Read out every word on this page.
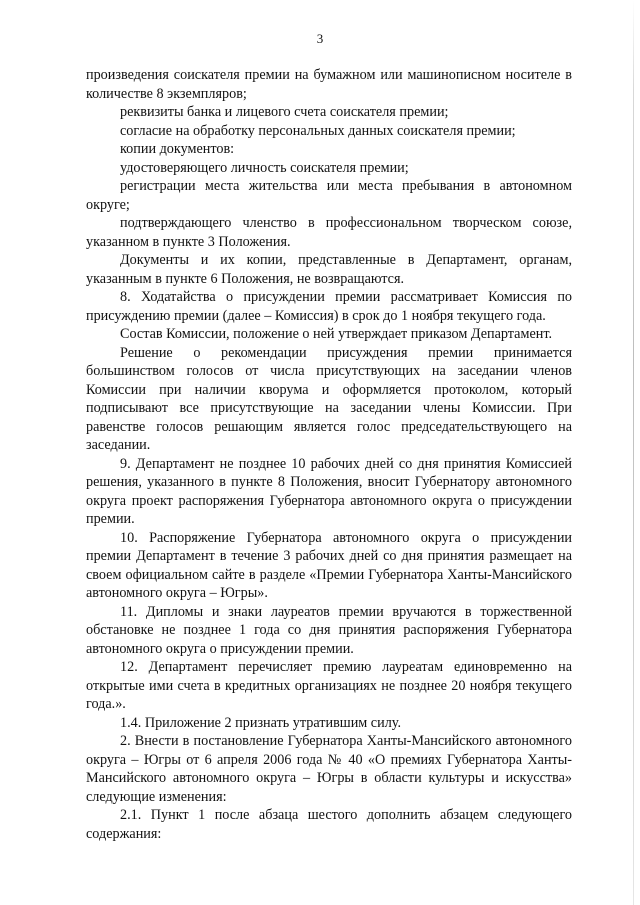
3

произведения соискателя премии на бумажном или машинописном носителе в количестве 8 экземпляров;

реквизиты банка и лицевого счета соискателя премии;

согласие на обработку персональных данных соискателя премии;

копии документов:

удостоверяющего личность соискателя премии;

регистрации места жительства или места пребывания в автономном округе;

подтверждающего членство в профессиональном творческом союзе, указанном в пункте 3 Положения.

Документы и их копии, представленные в Департамент, органам, указанным в пункте 6 Положения, не возвращаются.

8. Ходатайства о присуждении премии рассматривает Комиссия по присуждению премии (далее – Комиссия) в срок до 1 ноября текущего года.

Состав Комиссии, положение о ней утверждает приказом Департамент.

Решение о рекомендации присуждения премии принимается большинством голосов от числа присутствующих на заседании членов Комиссии при наличии кворума и оформляется протоколом, который подписывают все присутствующие на заседании члены Комиссии. При равенстве голосов решающим является голос председательствующего на заседании.

9. Департамент не позднее 10 рабочих дней со дня принятия Комиссией решения, указанного в пункте 8 Положения, вносит Губернатору автономного округа проект распоряжения Губернатора автономного округа о присуждении премии.

10. Распоряжение Губернатора автономного округа о присуждении премии Департамент в течение 3 рабочих дней со дня принятия размещает на своем официальном сайте в разделе «Премии Губернатора Ханты-Мансийского автономного округа – Югры».

11. Дипломы и знаки лауреатов премии вручаются в торжественной обстановке не позднее 1 года со дня принятия распоряжения Губернатора автономного округа о присуждении премии.

12. Департамент перечисляет премию лауреатам единовременно на открытые ими счета в кредитных организациях не позднее 20 ноября текущего года.».

1.4. Приложение 2 признать утратившим силу.

2. Внести в постановление Губернатора Ханты-Мансийского автономного округа – Югры от 6 апреля 2006 года № 40 «О премиях Губернатора Ханты-Мансийского автономного округа – Югры в области культуры и искусства» следующие изменения:

2.1. Пункт 1 после абзаца шестого дополнить абзацем следующего содержания:
